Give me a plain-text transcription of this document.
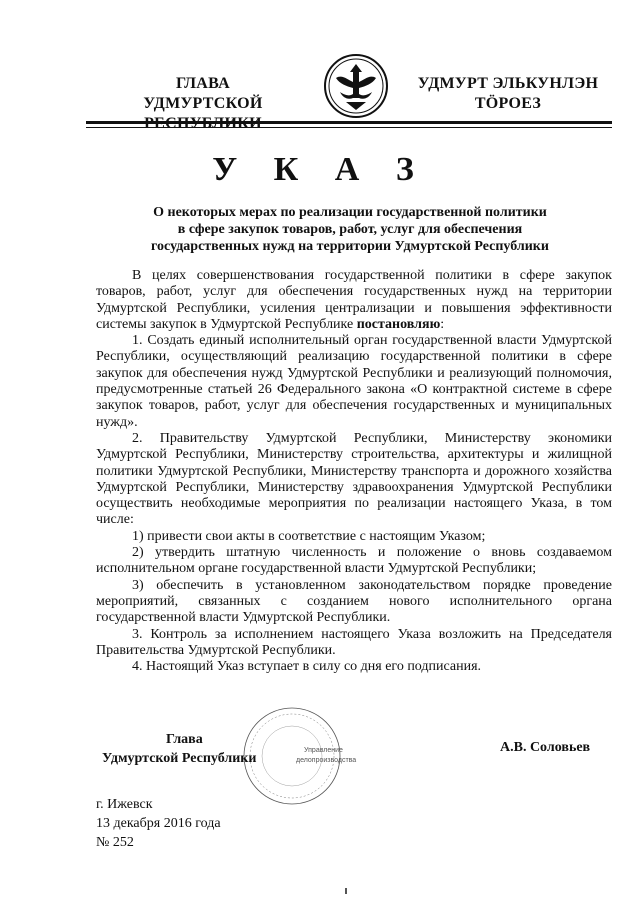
ГЛАВА
УДМУРТСКОЙ
УДМУРТ ЭЛЬКУНЛЭН
ТӦРОЕЗ
У К А З
О некоторых мерах по реализации государственной политики
в сфере закупок товаров, работ, услуг для обеспечения
государственных нужд на территории Удмуртской Республики

В целях совершенствования государственной политики в сфере закупок товаров, работ, услуг для обеспечения государственных нужд на территории Удмуртской Республики, усиления централизации и повышения эффективности системы закупок в Удмуртской Республике постановляю:

1. Создать единый исполнительный орган государственной власти Удмуртской Республики, осуществляющий реализацию государственной политики в сфере закупок для обеспечения нужд Удмуртской Республики и реализующий полномочия, предусмотренные статьей 26 Федерального закона «О контрактной системе в сфере закупок товаров, работ, услуг для обеспечения государственных и муниципальных нужд».

2. Правительству Удмуртской Республики, Министерству экономики Удмуртской Республики, Министерству строительства, архитектуры и жилищной политики Удмуртской Республики, Министерству транспорта и дорожного хозяйства Удмуртской Республики, Министерству здравоохранения Удмуртской Республики осуществить необходимые мероприятия по реализации настоящего Указа, в том числе:

1) привести свои акты в соответствие с настоящим Указом;

2) утвердить штатную численность и положение о вновь создаваемом исполнительном органе государственной власти Удмуртской Республики;

3) обеспечить в установленном законодательством порядке проведение мероприятий, связанных с созданием нового исполнительного органа государственной власти Удмуртской Республики.

3. Контроль за исполнением настоящего Указа возложить на Председателя Правительства Удмуртской Республики.

4. Настоящий Указ вступает в силу со дня его подписания.

Управление
делопроизводства
Глава
Удмуртской Республики
А.В. Соловьев
г. Ижевск
13 декабря 2016 года
№ 252
